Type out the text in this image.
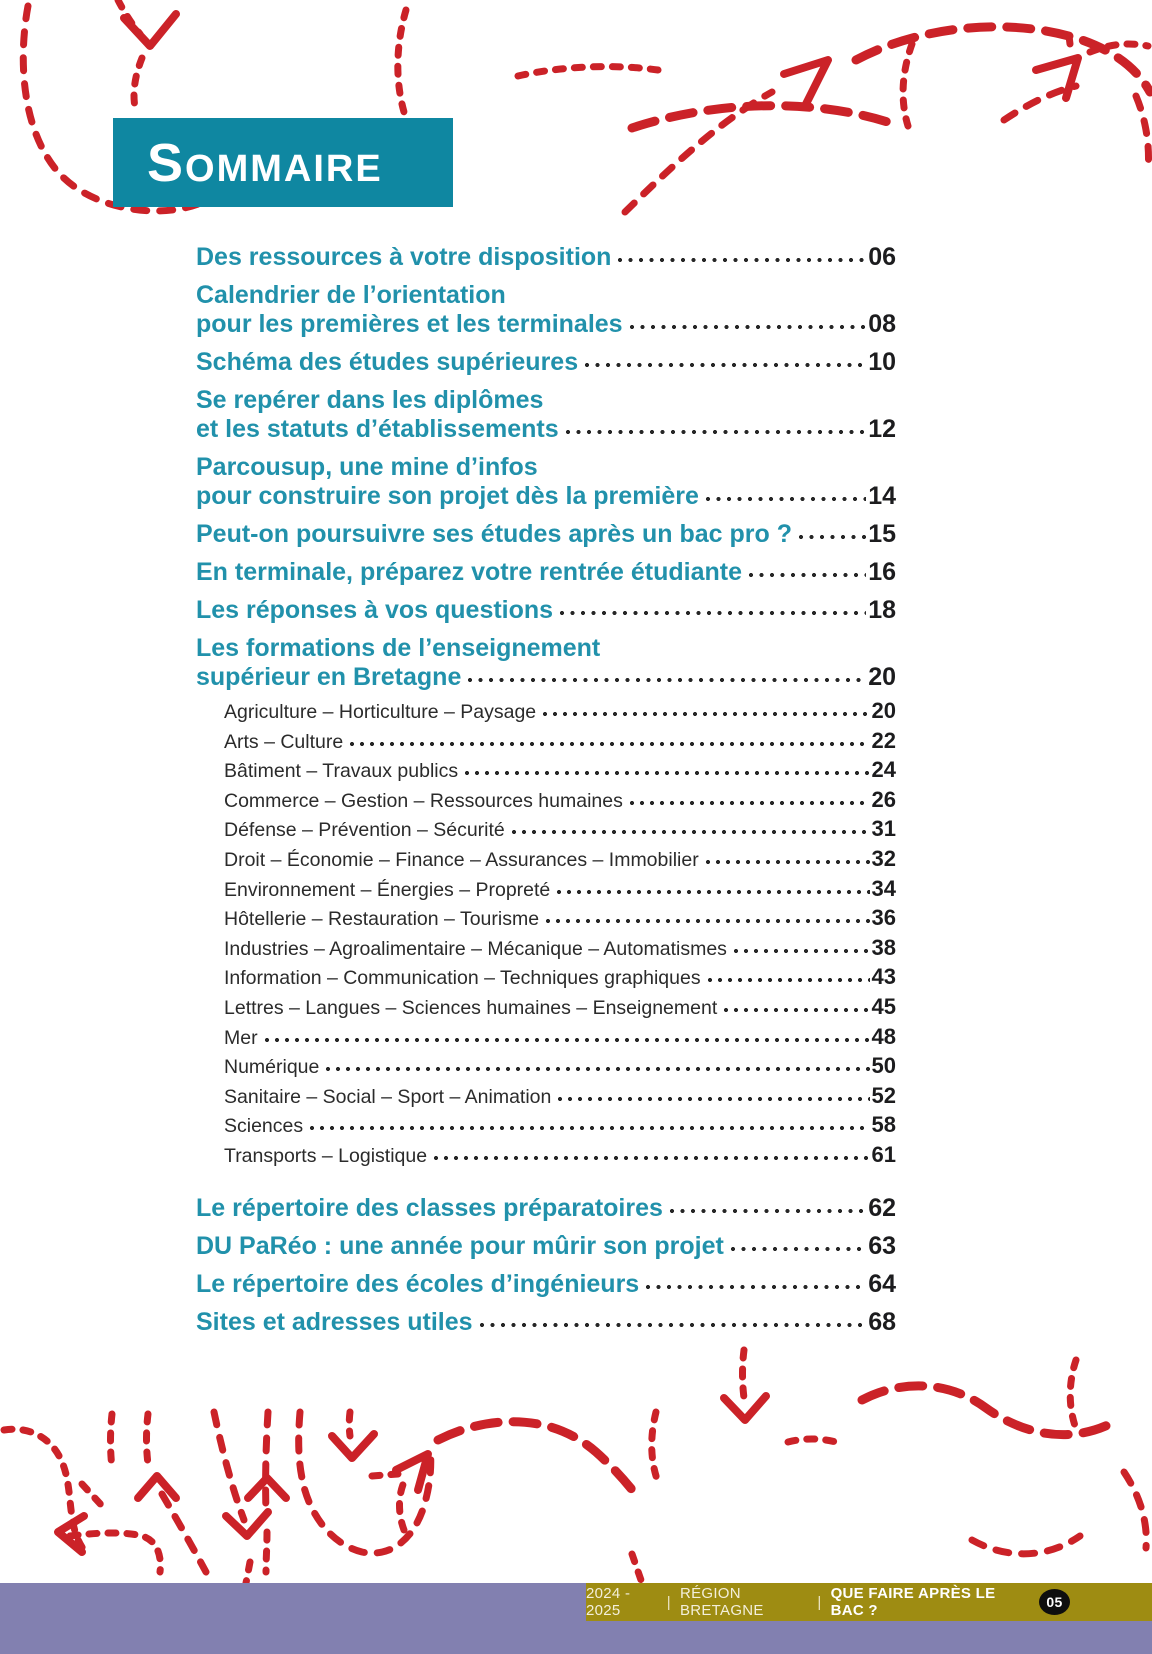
Sommaire
Des ressources à votre disposition	06
Calendrier de l’orientation
pour les premières et les terminales	08
Schéma des études supérieures	10
Se repérer dans les diplômes
et les statuts d’établissements	12
Parcousup, une mine d’infos
pour construire son projet dès la première	14
Peut-on poursuivre ses études après un bac pro ?	15
En terminale, préparez votre rentrée étudiante	16
Les réponses à vos questions	18
Les formations de l’enseignement
supérieur en Bretagne	20
Agriculture – Horticulture – Paysage	20
Arts – Culture	22
Bâtiment – Travaux publics	24
Commerce – Gestion – Ressources humaines	26
Défense – Prévention – Sécurité	31
Droit – Économie – Finance – Assurances – Immobilier	32
Environnement – Énergies – Propreté	34
Hôtellerie – Restauration – Tourisme	36
Industries – Agroalimentaire – Mécanique – Automatismes	38
Information – Communication – Techniques graphiques	43
Lettres – Langues – Sciences humaines – Enseignement	45
Mer	48
Numérique	50
Sanitaire – Social – Sport – Animation	52
Sciences	58
Transports – Logistique	61
Le répertoire des classes préparatoires	62
DU PaRéo : une année pour mûrir son projet	63
Le répertoire des écoles d’ingénieurs	64
Sites et adresses utiles	68
2024 - 2025	| RÉGION BRETAGNE	| QUE FAIRE APRÈS LE BAC ?	05
